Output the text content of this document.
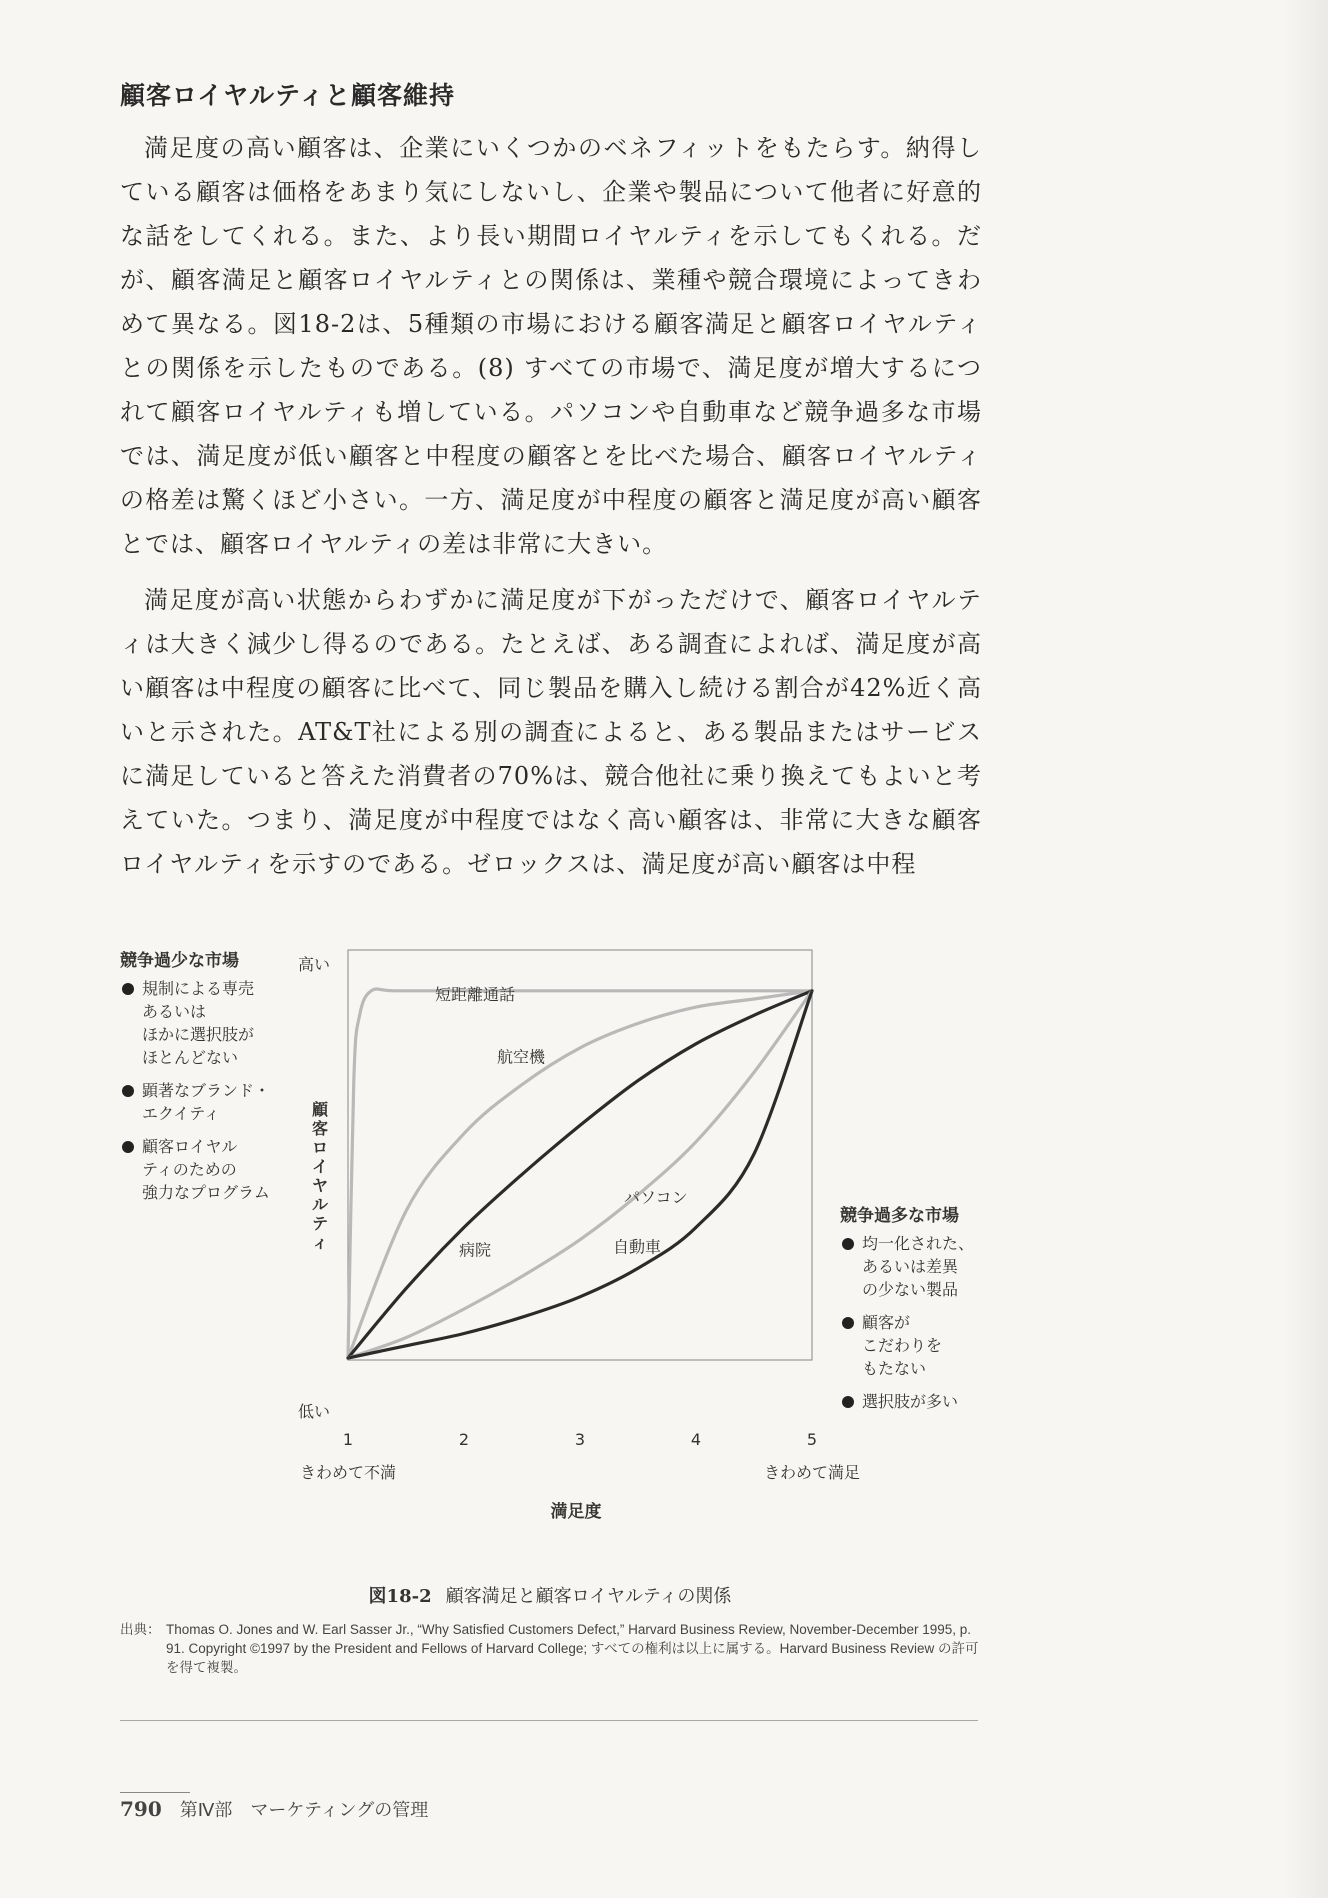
顧客ロイヤルティと顧客維持

満足度の高い顧客は、企業にいくつかのベネフィットをもたらす。納得している顧客は価格をあまり気にしないし、企業や製品について他者に好意的な話をしてくれる。また、より長い期間ロイヤルティを示してもくれる。だが、顧客満足と顧客ロイヤルティとの関係は、業種や競合環境によってきわめて異なる。図18-2は、5種類の市場における顧客満足と顧客ロイヤルティとの関係を示したものである。(8) すべての市場で、満足度が増大するにつれて顧客ロイヤルティも増している。パソコンや自動車など競争過多な市場では、満足度が低い顧客と中程度の顧客とを比べた場合、顧客ロイヤルティの格差は驚くほど小さい。一方、満足度が中程度の顧客と満足度が高い顧客とでは、顧客ロイヤルティの差は非常に大きい。

満足度が高い状態からわずかに満足度が下がっただけで、顧客ロイヤルティは大きく減少し得るのである。たとえば、ある調査によれば、満足度が高い顧客は中程度の顧客に比べて、同じ製品を購入し続ける割合が42%近く高いと示された。AT&T社による別の調査によると、ある製品またはサービスに満足していると答えた消費者の70%は、競合他社に乗り換えてもよいと考えていた。つまり、満足度が中程度ではなく高い顧客は、非常に大きな顧客ロイヤルティを示すのである。ゼロックスは、満足度が高い顧客は中程

競争過少な市場
規制による専売
あるいは
ほかに選択肢が
ほとんどない
顕著なブランド・
エクイティ
顧客ロイヤル
ティのための
強力なプログラム
短距離通話
航空機
病院
パソコン
自動車
高い
低い
顧客ロイヤルティ
1	2	3	4	5
きわめて不満	きわめて満足
満足度
競争過多な市場
均一化された、
あるいは差異
の少ない製品
顧客が
こだわりを
もたない
選択肢が多い
図18-2 顧客満足と顧客ロイヤルティの関係
出典： Thomas O. Jones and W. Earl Sasser Jr., “Why Satisfied Customers Defect,” Harvard Business Review, November-December 1995, p. 91. Copyright ©1997 by the President and Fellows of Harvard College; すべての権利は以上に属する。Harvard Business Review の許可を得て複製。
790 第Ⅳ部　マーケティングの管理
